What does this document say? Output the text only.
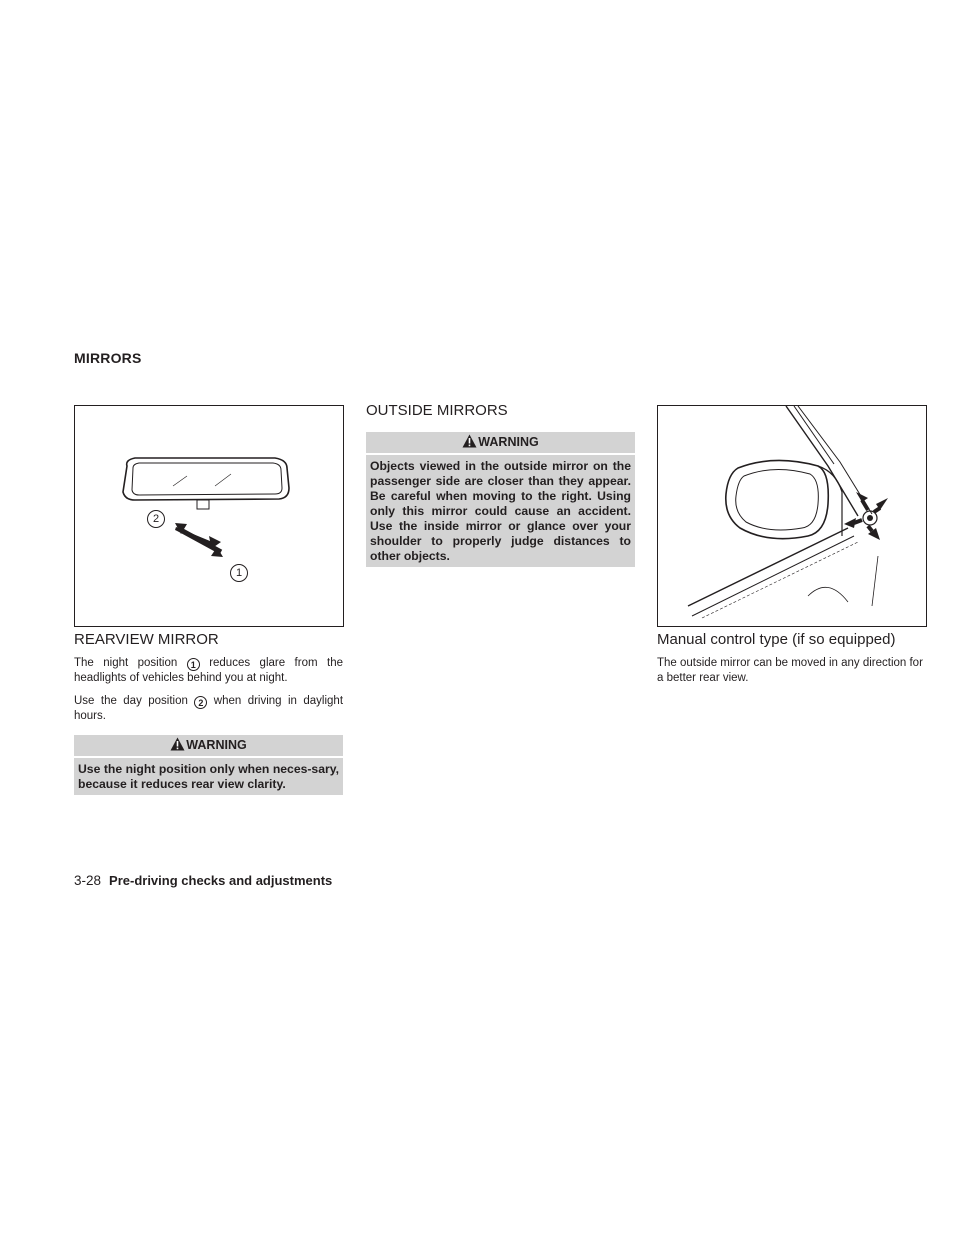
MIRRORS
2
1
REARVIEW MIRROR

The night position 1 reduces glare from the headlights of vehicles behind you at night.

Use the day position 2 when driving in daylight hours.

WARNING
Use the night position only when neces-sary, because it reduces rear view clarity.
OUTSIDE MIRRORS
WARNING
Objects viewed in the outside mirror on the passenger side are closer than they appear. Be careful when moving to the right. Using only this mirror could cause an accident. Use the inside mirror or glance over your shoulder to properly judge distances to other objects.
Manual control type (if so equipped)
The outside mirror can be moved in any direction for a better rear view.
3-28 Pre-driving checks and adjustments
